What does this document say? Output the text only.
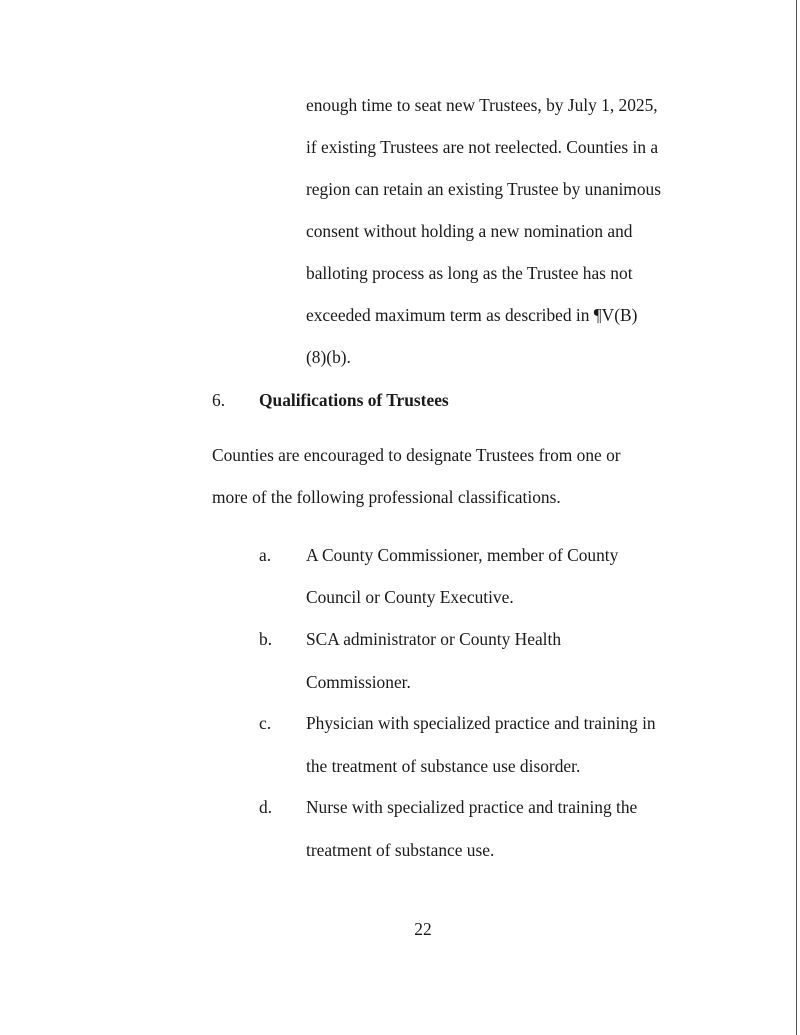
enough time to seat new Trustees, by July 1, 2025,
if existing Trustees are not reelected. Counties in a
region can retain an existing Trustee by unanimous
consent without holding a new nomination and
balloting process as long as the Trustee has not
exceeded maximum term as described in ¶V(B)
(8)(b).
6. Qualifications of Trustees
Counties are encouraged to designate Trustees from one or
more of the following professional classifications.
a. A County Commissioner, member of County
Council or County Executive.
b. SCA administrator or County Health
Commissioner.
c. Physician with specialized practice and training in
the treatment of substance use disorder.
d. Nurse with specialized practice and training the
treatment of substance use.
22
